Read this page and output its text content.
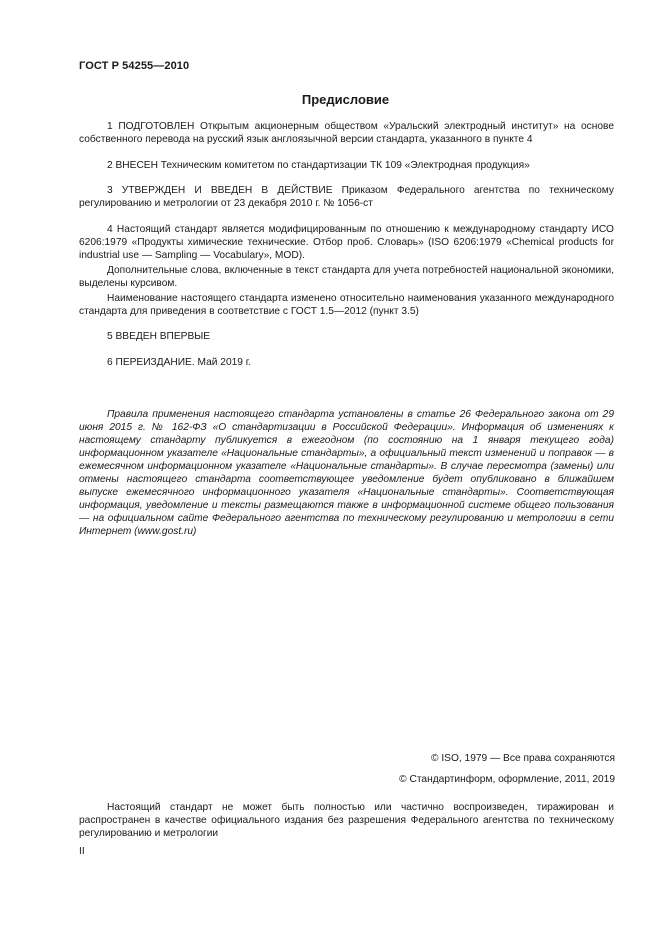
ГОСТ Р 54255—2010
Предисловие
1 ПОДГОТОВЛЕН Открытым акционерным обществом «Уральский электродный институт» на основе собственного перевода на русский язык англоязычной версии стандарта, указанного в пункте 4
2 ВНЕСЕН Техническим комитетом по стандартизации ТК 109 «Электродная продукция»
3 УТВЕРЖДЕН И ВВЕДЕН В ДЕЙСТВИЕ Приказом Федерального агентства по техническому регулированию и метрологии от 23 декабря 2010 г. № 1056-ст
4 Настоящий стандарт является модифицированным по отношению к международному стандарту ИСО 6206:1979 «Продукты химические технические. Отбор проб. Словарь» (ISO 6206:1979 «Chemical products for industrial use — Sampling — Vocabulary», MOD).
Дополнительные слова, включенные в текст стандарта для учета потребностей национальной экономики, выделены курсивом.
Наименование настоящего стандарта изменено относительно наименования указанного международного стандарта для приведения в соответствие с ГОСТ 1.5—2012 (пункт 3.5)
5 ВВЕДЕН ВПЕРВЫЕ
6 ПЕРЕИЗДАНИЕ. Май 2019 г.
Правила применения настоящего стандарта установлены в статье 26 Федерального закона от 29 июня 2015 г. № 162-ФЗ «О стандартизации в Российской Федерации». Информация об изменениях к настоящему стандарту публикуется в ежегодном (по состоянию на 1 января текущего года) информационном указателе «Национальные стандарты», а официальный текст изменений и поправок — в ежемесячном информационном указателе «Национальные стандарты». В случае пересмотра (замены) или отмены настоящего стандарта соответствующее уведомление будет опубликовано в ближайшем выпуске ежемесячного информационного указателя «Национальные стандарты». Соответствующая информация, уведомление и тексты размещаются также в информационной системе общего пользования — на официальном сайте Федерального агентства по техническому регулированию и метрологии в сети Интернет (www.gost.ru)
© ISO, 1979 — Все права сохраняются
© Стандартинформ, оформление, 2011, 2019
Настоящий стандарт не может быть полностью или частично воспроизведен, тиражирован и распространен в качестве официального издания без разрешения Федерального агентства по техническому регулированию и метрологии
II
